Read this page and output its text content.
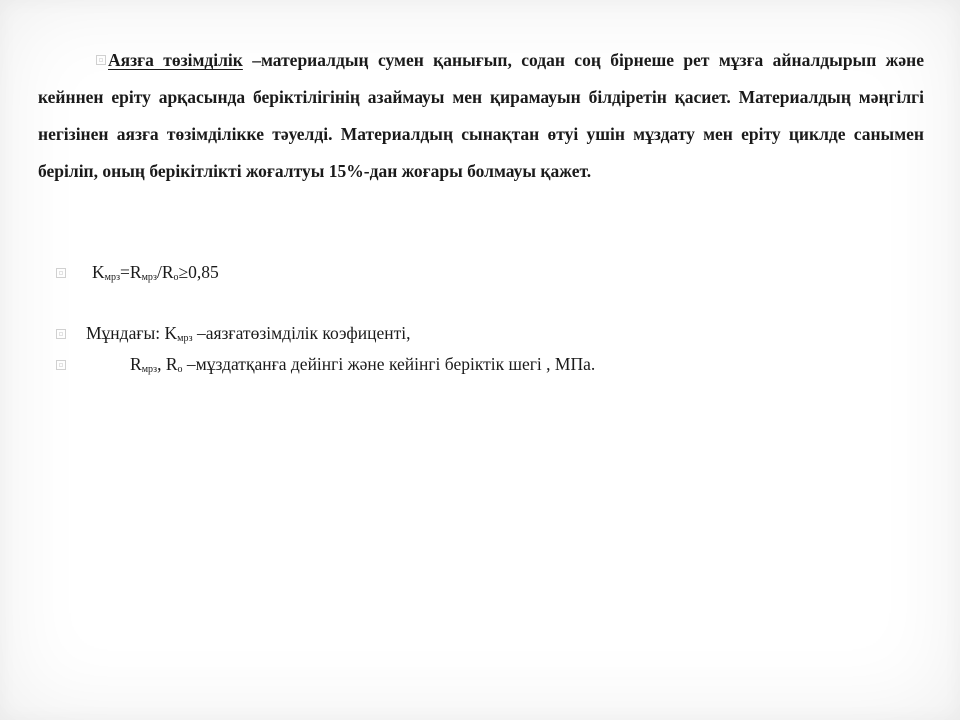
Аязға төзімділік –материалдың сумен қанығып, содан соң бірнеше рет мұзға айналдырып және кейннен еріту арқасында беріктілігінің азаймауы мен қирамауын білдіретін қасиет. Материалдың мәңгілгі негізінен аязға төзімділікке тәуелді. Материалдың сынақтан өтуі ушін мұздату мен еріту циклде санымен беріліп, оның берікітлікті жоғалтуы 15%-дан жоғары болмауы қажет.

$K_{мрз}=R_{мрз}/R_o\ge 0,85$
Мұндағы: $K_{мрз}$ –аязғатөзімділік коэфиценті,
$R_{мрз}$, $R_o$ –мұздатқанға дейінгі және кейінгі беріктік шегі , МПа.
